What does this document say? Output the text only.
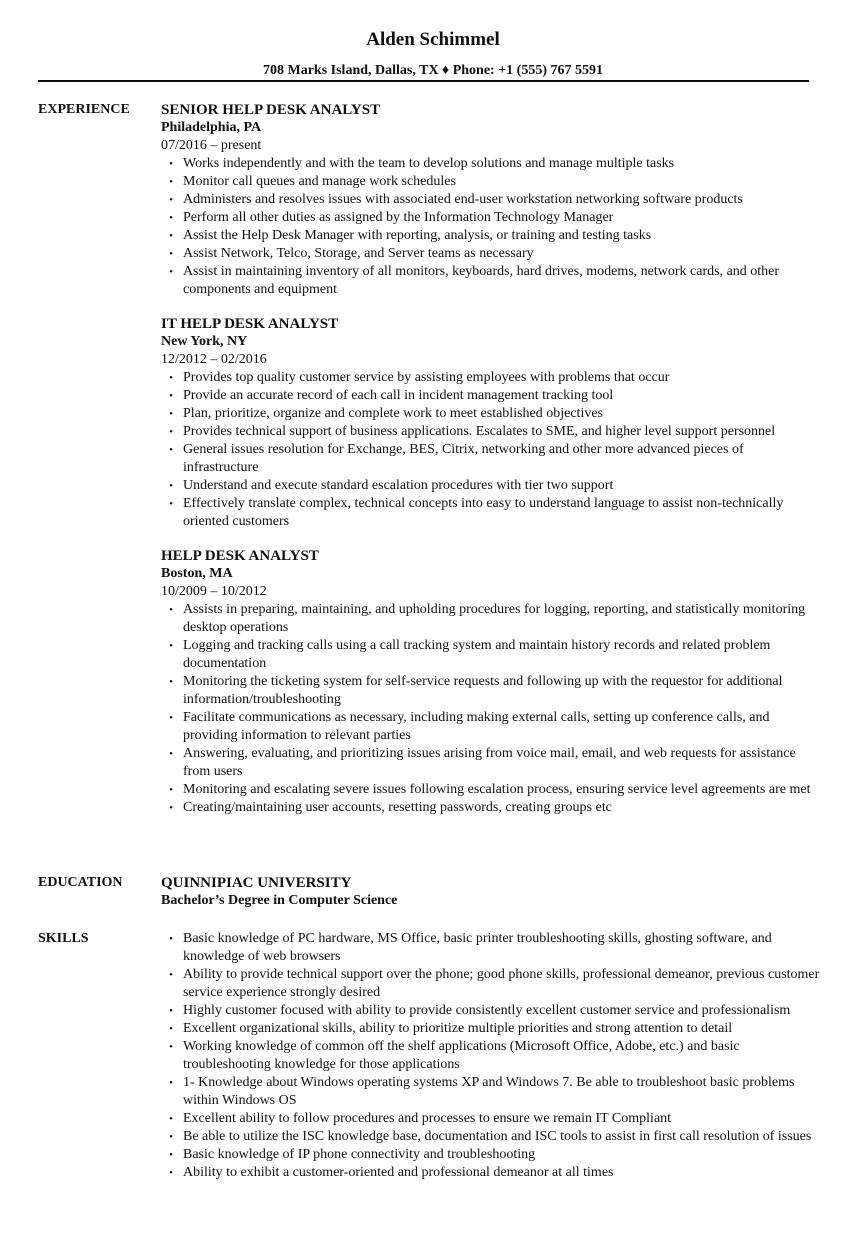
Alden Schimmel
708 Marks Island, Dallas, TX ♦ Phone: +1 (555) 767 5591
EXPERIENCE SENIOR HELP DESK ANALYST
Philadelphia, PA
07/2016 – present
• Works independently and with the team to develop solutions and manage multiple tasks
• Monitor call queues and manage work schedules
• Administers and resolves issues with associated end-user workstation networking software products
• Perform all other duties as assigned by the Information Technology Manager
• Assist the Help Desk Manager with reporting, analysis, or training and testing tasks
• Assist Network, Telco, Storage, and Server teams as necessary
• Assist in maintaining inventory of all monitors, keyboards, hard drives, modems, network cards, and other components and equipment
IT HELP DESK ANALYST
New York, NY
12/2012 – 02/2016
• Provides top quality customer service by assisting employees with problems that occur
• Provide an accurate record of each call in incident management tracking tool
• Plan, prioritize, organize and complete work to meet established objectives
• Provides technical support of business applications. Escalates to SME, and higher level support personnel
• General issues resolution for Exchange, BES, Citrix, networking and other more advanced pieces of infrastructure
• Understand and execute standard escalation procedures with tier two support
• Effectively translate complex, technical concepts into easy to understand language to assist non-technically oriented customers
HELP DESK ANALYST
Boston, MA
10/2009 – 10/2012
• Assists in preparing, maintaining, and upholding procedures for logging, reporting, and statistically monitoring desktop operations
• Logging and tracking calls using a call tracking system and maintain history records and related problem documentation
• Monitoring the ticketing system for self-service requests and following up with the requestor for additional information/troubleshooting
• Facilitate communications as necessary, including making external calls, setting up conference calls, and providing information to relevant parties
• Answering, evaluating, and prioritizing issues arising from voice mail, email, and web requests for assistance from users
• Monitoring and escalating severe issues following escalation process, ensuring service level agreements are met
• Creating/maintaining user accounts, resetting passwords, creating groups etc
EDUCATION	QUINNIPIAC UNIVERSITY
Bachelor’s Degree in Computer Science
SKILLS	• Basic knowledge of PC hardware, MS Office, basic printer troubleshooting skills, ghosting software, and knowledge of web browsers
• Ability to provide technical support over the phone; good phone skills, professional demeanor, previous customer service experience strongly desired
• Highly customer focused with ability to provide consistently excellent customer service and professionalism
• Excellent organizational skills, ability to prioritize multiple priorities and strong attention to detail
• Working knowledge of common off the shelf applications (Microsoft Office, Adobe, etc.) and basic troubleshooting knowledge for those applications
• 1- Knowledge about Windows operating systems XP and Windows 7. Be able to troubleshoot basic problems within Windows OS
• Excellent ability to follow procedures and processes to ensure we remain IT Compliant
• Be able to utilize the ISC knowledge base, documentation and ISC tools to assist in first call resolution of issues
• Basic knowledge of IP phone connectivity and troubleshooting
• Ability to exhibit a customer-oriented and professional demeanor at all times
